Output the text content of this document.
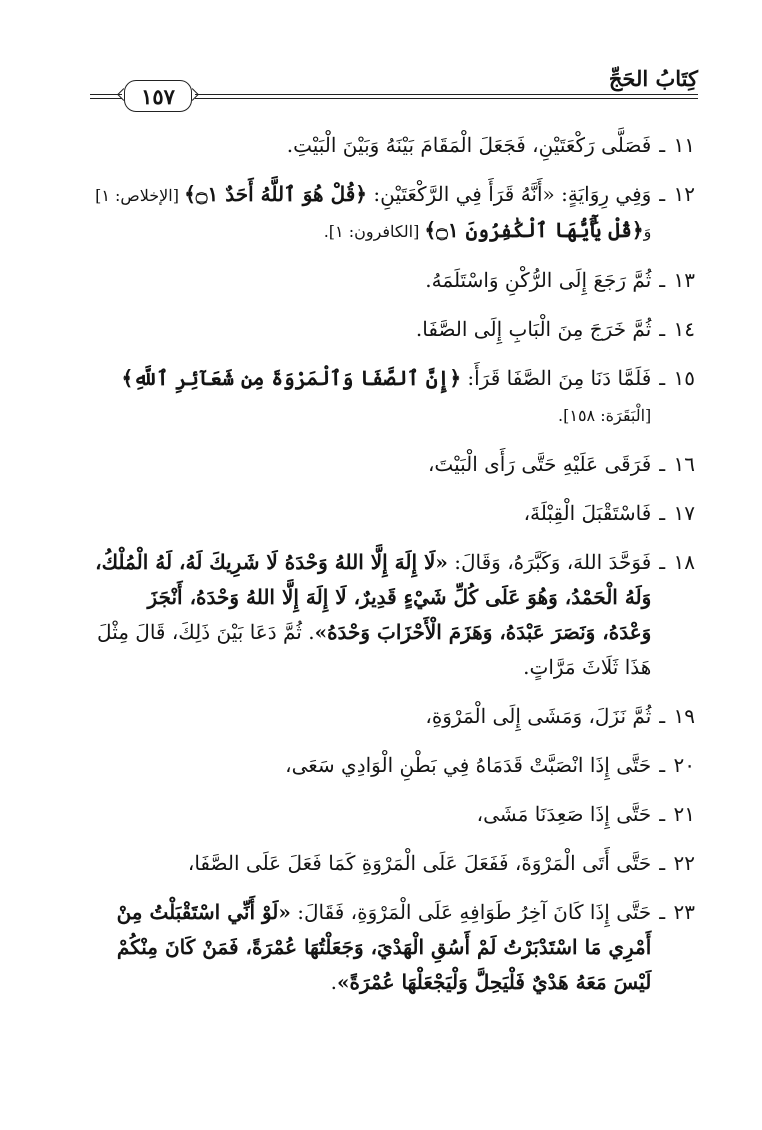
كِتَابُ الحَجِّ
١٥٧
١١ ـ
فَصَلَّى رَكْعَتَيْنِ، فَجَعَلَ الْمَقَامَ بَيْنَهُ وَبَيْنَ الْبَيْتِ.
١٢ ـ
وَفِي رِوَايَةٍ: «أَنَّهُ قَرَأَ فِي الرَّكْعَتَيْنِ: ﴿قُلْ هُوَ ٱللَّهُ أَحَدٌ ۝١﴾ [الإخلاص: ١] وَ﴿قُلْ يَٰٓأَيُّهَا ٱلْكَٰفِرُونَ ۝١﴾ [الكافرون: ١].
١٣ ـ
ثُمَّ رَجَعَ إِلَى الرُّكْنِ وَاسْتَلَمَهُ.
١٤ ـ
ثُمَّ خَرَجَ مِنَ الْبَابِ إِلَى الصَّفَا.
١٥ ـ
فَلَمَّا دَنَا مِنَ الصَّفَا قَرَأَ: ﴿إِنَّ ٱلصَّفَا وَٱلْمَرْوَةَ مِن شَعَآئِرِ ٱللَّهِ﴾ [الْبَقَرَة: ١٥٨].
١٦ ـ
فَرَقَى عَلَيْهِ حَتَّى رَأَى الْبَيْتَ،
١٧ ـ
فَاسْتَقْبَلَ الْقِبْلَةَ،
١٨ ـ
فَوَحَّدَ اللهَ، وَكَبَّرَهُ، وَقَالَ: «لَا إِلَهَ إِلَّا اللهُ وَحْدَهُ لَا شَرِيكَ لَهُ، لَهُ الْمُلْكُ، وَلَهُ الْحَمْدُ، وَهُوَ عَلَى كُلِّ شَيْءٍ قَدِيرٌ، لَا إِلَهَ إِلَّا اللهُ وَحْدَهُ، أَنْجَزَ وَعْدَهُ، وَنَصَرَ عَبْدَهُ، وَهَزَمَ الْأَحْزَابَ وَحْدَهُ». ثُمَّ دَعَا بَيْنَ ذَلِكَ، قَالَ مِثْلَ هَذَا ثَلَاثَ مَرَّاتٍ.
١٩ ـ
ثُمَّ نَزَلَ، وَمَشَى إِلَى الْمَرْوَةِ،
٢٠ ـ
حَتَّى إِذَا انْصَبَّتْ قَدَمَاهُ فِي بَطْنِ الْوَادِي سَعَى،
٢١ ـ
حَتَّى إِذَا صَعِدَنَا مَشَى،
٢٢ ـ
حَتَّى أَتَى الْمَرْوَةَ، فَفَعَلَ عَلَى الْمَرْوَةِ كَمَا فَعَلَ عَلَى الصَّفَا،
٢٣ ـ
حَتَّى إِذَا كَانَ آخِرُ طَوَافِهِ عَلَى الْمَرْوَةِ، فَقَالَ: «لَوْ أَنِّي اسْتَقْبَلْتُ مِنْ أَمْرِي مَا اسْتَدْبَرْتُ لَمْ أَسُقِ الْهَدْيَ، وَجَعَلْتُهَا عُمْرَةً، فَمَنْ كَانَ مِنْكُمْ لَيْسَ مَعَهُ هَدْيٌ فَلْيَحِلَّ وَلْيَجْعَلْهَا عُمْرَةً».
